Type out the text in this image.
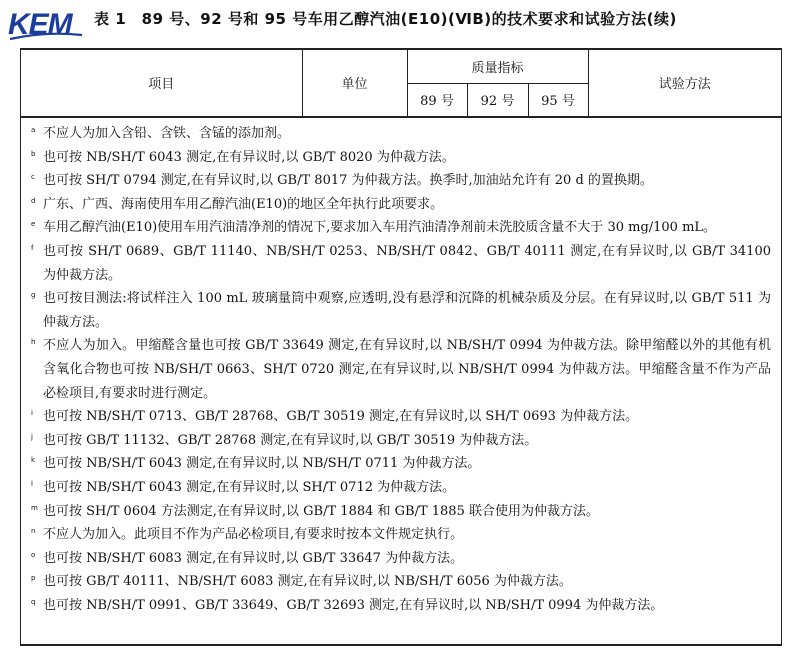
KEM 表 1　89 号、92 号和 95 号车用乙醇汽油(E10)(ⅥB)的技术要求和试验方法(续)
项目	单位	质量指标			试验方法
		89 号	92 号	95 号	
a 不应人为加入含铅、含铁、含锰的添加剂。
b 也可按 NB/SH/T 6043 测定,在有异议时,以 GB/T 8020 为仲裁方法。
c 也可按 SH/T 0794 测定,在有异议时,以 GB/T 8017 为仲裁方法。换季时,加油站允许有 20 d 的置换期。
d 广东、广西、海南使用车用乙醇汽油(E10)的地区全年执行此项要求。
e 车用乙醇汽油(E10)使用车用汽油清净剂的情况下,要求加入车用汽油清净剂前未洗胶质含量不大于 30 mg/100 mL。
f 也可按 SH/T 0689、GB/T 11140、NB/SH/T 0253、NB/SH/T 0842、GB/T 40111 测定,在有异议时,以 GB/T 34100 为仲裁方法。
g 也可按目测法:将试样注入 100 mL 玻璃量筒中观察,应透明,没有悬浮和沉降的机械杂质及分层。在有异议时,以 GB/T 511 为仲裁方法。
h 不应人为加入。甲缩醛含量也可按 GB/T 33649 测定,在有异议时,以 NB/SH/T 0994 为仲裁方法。除甲缩醛以外的其他有机含氧化合物也可按 NB/SH/T 0663、SH/T 0720 测定,在有异议时,以 NB/SH/T 0994 为仲裁方法。甲缩醛含量不作为产品必检项目,有要求时进行测定。
i 也可按 NB/SH/T 0713、GB/T 28768、GB/T 30519 测定,在有异议时,以 SH/T 0693 为仲裁方法。
j 也可按 GB/T 11132、GB/T 28768 测定,在有异议时,以 GB/T 30519 为仲裁方法。
k 也可按 NB/SH/T 6043 测定,在有异议时,以 NB/SH/T 0711 为仲裁方法。
l 也可按 NB/SH/T 6043 测定,在有异议时,以 SH/T 0712 为仲裁方法。
m 也可按 SH/T 0604 方法测定,在有异议时,以 GB/T 1884 和 GB/T 1885 联合使用为仲裁方法。
n 不应人为加入。此项目不作为产品必检项目,有要求时按本文件规定执行。
o 也可按 NB/SH/T 6083 测定,在有异议时,以 GB/T 33647 为仲裁方法。
p 也可按 GB/T 40111、NB/SH/T 6083 测定,在有异议时,以 NB/SH/T 6056 为仲裁方法。
q 也可按 NB/SH/T 0991、GB/T 33649、GB/T 32693 测定,在有异议时,以 NB/SH/T 0994 为仲裁方法。
